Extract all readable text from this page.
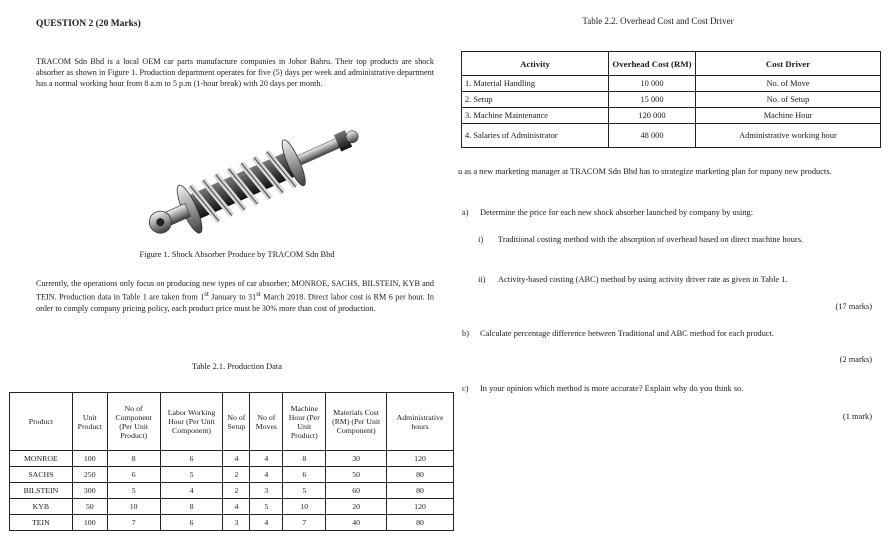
QUESTION 2 (20 Marks)
TRACOM Sdn Bhd is a local OEM car parts manufacture companies in Johor Bahru. Their top products are shock absorber as shown in Figure 1. Production department operates for five (5) days per week and administrative department has a normal working hour from 8 a.m to 5 p.m (1-hour break) with 20 days per month.
Figure 1. Shock Absorber Produce by TRACOM Sdn Bhd
Currently, the operations only focus on producing new types of car absorber; MONROE, SACHS, BILSTEIN, KYB and TEIN. Production data in Table 1 are taken from 1st January to 31st March 2018. Direct labor cost is RM 6 per hour. In order to comply company pricing policy, each product price must be 30% more than cost of production.
Table 2.1. Production Data
Product	Unit Product	No of Component (Per Unit Product)	Labor Working Hour (Per Unit Component)	No of Setup	No of Moves	Machine Hour (Per Unit Product)	Materials Cost (RM) (Per Unit Component)	Administrative hours
MONROE	100	8	6	4	4	8	30	120
SACHS	250	6	5	2	4	6	50	80
BILSTEIN	300	5	4	2	3	5	60	80
KYB	50	10	8	4	5	10	20	120
TEIN	100	7	6	3	4	7	40	80
Table 2.2. Overhead Cost and Cost Driver
Activity	Overhead Cost (RM)	Cost Driver
1. Material Handling	10 000	No. of Move
2. Setup	15 000	No. of Setup
3. Machine Maintenance	120 000	Machine Hour
4. Salaries of Administrator	48 000	Administrative working hour
u as a new marketing manager at TRACOM Sdn Bhd has to strategize marketing plan for mpany new products.
a) Determine the price for each new shock absorber launched by company by using:
i) Traditional costing method with the absorption of overhead based on direct machine hours.
ii) Activity-based costing (ABC) method by using activity driver rate as given in Table 1.
(17 marks)
b) Calculate percentage difference between Traditional and ABC method for each product.
(2 marks)
c) In your opinion which method is more accurate? Explain why do you think so.
(1 mark)
